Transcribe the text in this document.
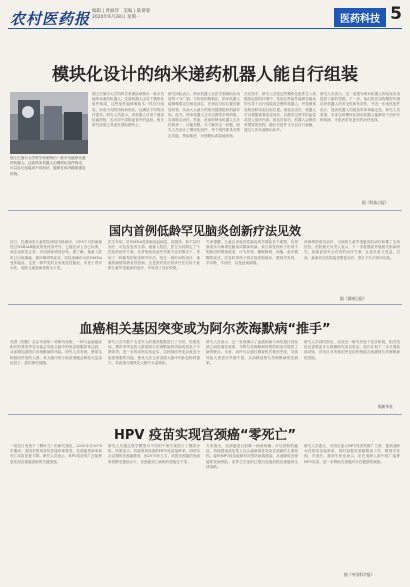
农村医药报 编辑 | 黄丽萍　美编 | 陈倩菊
2020年6月28日 星期一	医药科技 5
模块化设计的纳米递药机器人能自行组装
瑞士巴塞尔大学科学家研制出一款多功能纳米递药机器人。这款纳米机器人由模块化组件构成，可以自行组装成不同形状，能够在体内精准递送药物。
瑞士巴塞尔大学的科学家团队研制出一款多功能纳米递药机器人。这款机器人由若干模块化组件构成，这些组件能够像积木一样自行组装，形成不同的结构和形状，以满足不同的治疗需求。研究人员表示，该机器人可用于递送抗癌药物，也可用于清除血管中的血栓。相关研究成果已发表在国际期刊上。
研究团队表示，纳米机器人在医学领域的应用前景十分广阔。与传统药物相比，纳米机器人能够精准定位病变部位，在到达目标位置后释放药物，从而大大减少药物对健康组织的副作用。此外，纳米机器人还可以携带多种药物，实现联合治疗。然而，此前的纳米机器人大多结构单一，功能有限。为了解决这一问题，研究人员设计了模块化组件，每个组件都具有特定功能，例如推进、识别靶标或装载药物。
在实验中，研究人员将这些模块化组件注入到模拟血管的环境中，发现这些组件能够在磁场的引导下自行组装成完整的机器人，并按照预设路径移动到目标位置。组装完成后，机器人可以根据需要改变形状，以便穿过狭窄的血管或进入组织内部。到达目标后，机器人会释放所携带的药物，随后各组件又可以自行拆解，通过人体代谢排出体外。
研究人员表示，这一成果为纳米机器人的临床应用提供了新的思路。下一步，他们将在动物模型中测试该机器人的安全性和有效性，并进一步优化组件设计，提高机器人的组装效率和稳定性。研究人员希望，未来这种模块化纳米机器人能够用于治疗多种疾病，为患者带来更多的治疗选择。
据《科技日报》
国内首例低龄罕见脑炎创新疗法见效
近日，在湖南省儿童医院神经内科病房，2岁6个月的童童经过NMDAR脑炎的免疫治疗后，已能在床上自己玩耍，神志也恢复正常，各项指标明显好转。据了解，童童入院时已出现抽搐、意识障碍等症状，经检查确诊为抗NMDA受体脑炎。这是一种罕见的自身免疫性脑炎，多见于青年女性，低龄儿童患病者极为少见。
医生介绍，抗NMDA受体脑炎起病急、进展快，如不及时治疗，可危及患者生命。童童入院后，医生为其制定了个性化的治疗方案，在常规免疫治疗效果不佳的情况下，采用了一种新型的免疫调节疗法。经过一段时间的治疗，童童的病情得到有效控制。这是国内首次将该疗法应用于低龄儿童罕见脑炎的治疗，并取得了良好效果。
专家提醒，儿童自身免疫性脑炎的早期症状不典型，容易被误诊为病毒性脑炎或精神疾病。家长如发现孩子出现不明原因的情绪改变、行为异常、睡眠障碍、抽搐、意识模糊等症状，应及时带孩子到正规医院就诊，做到早发现、早诊断、早治疗，以免延误病情。
该病例的成功治疗，为低龄儿童罕见脑炎的治疗积累了宝贵经验。医院相关负责人表示，下一步将继续开展相关临床研究，探索更加安全有效的治疗方案，让更多患儿受益。目前，童童仍在医院接受康复治疗，预计不久后即可出院。
据《湖南日报》
血癌相关基因突变或为阿尔茨海默病“推手”
美国《细胞》杂志刊登的一项研究表明，一种与血液癌症相关的基因突变可能会导致大脑中的免疫细胞异常活跃，从而增加患阿尔茨海默病的风险。研究人员发现，携带这种基因突变的人群，其大脑中的小胶质细胞会释放大量炎症因子，损伤神经细胞。
研究人员对数千名老年人的基因数据进行了分析，结果发现，携带该突变的人群患阿尔茨海默病的风险明显高于不携带者。进一步的动物实验证实，这种基因突变会改变小胶质细胞的功能，使其无法正常清除大脑中的β-淀粉样蛋白，导致蛋白斑块在大脑中大量堆积。
研究人员表示，这一发现揭示了血液疾病与神经退行性疾病之间的潜在联系，为阿尔茨海默病的预防和治疗提供了新的靶点。未来，或许可以通过筛查相关基因突变，对高风险人群进行早期干预，从而降低阿尔茨海默病的发病率。
研究人员同时指出，目前这一研究仍处于初步阶段，相关结论还需要更多大规模研究加以验证。他们计划下一步开展临床试验，评估针对该基因突变的药物能否延缓阿尔茨海默病的进展。
据新华社
HPV 疫苗实现宫颈癌“零死亡”
一项近日发表于《柳叶刀》的研究指出，2020年至2070年期间，美国若按现有疫苗接种率推进，宫颈癌发病率和死亡率将显著下降。研究人员表示，HPV疫苗的广泛接种是实现宫颈癌消除的关键措施。
研究人员通过数学模型对不同的干预方案进行了模拟分析。结果显示，若能保持较高的HPV疫苗接种率，同时结合定期的宫颈癌筛查，到2070年左右，美国宫颈癌的发病率将降至极低水平，宫颈癌死亡病例有望接近于零。
专家指出，宫颈癌是目前唯一病因明确、可以预防的癌症。持续感染高危型人乳头瘤病毒是导致宫颈癌的主要原因。接种HPV疫苗能够有效预防病毒感染，从而降低宫颈癌的发病风险。世界卫生组织已提出加速消除宫颈癌的全球战略。
研究人员建议，各国应加大HPV疫苗的推广力度，提高适龄女性的疫苗接种率，同时加强宫颈癌筛查工作，做到早发现、早治疗。我国专家也表示，应在适龄人群中推广接种HPV疫苗，进一步降低宫颈癌对女性健康的威胁。
据《中国科学报》
